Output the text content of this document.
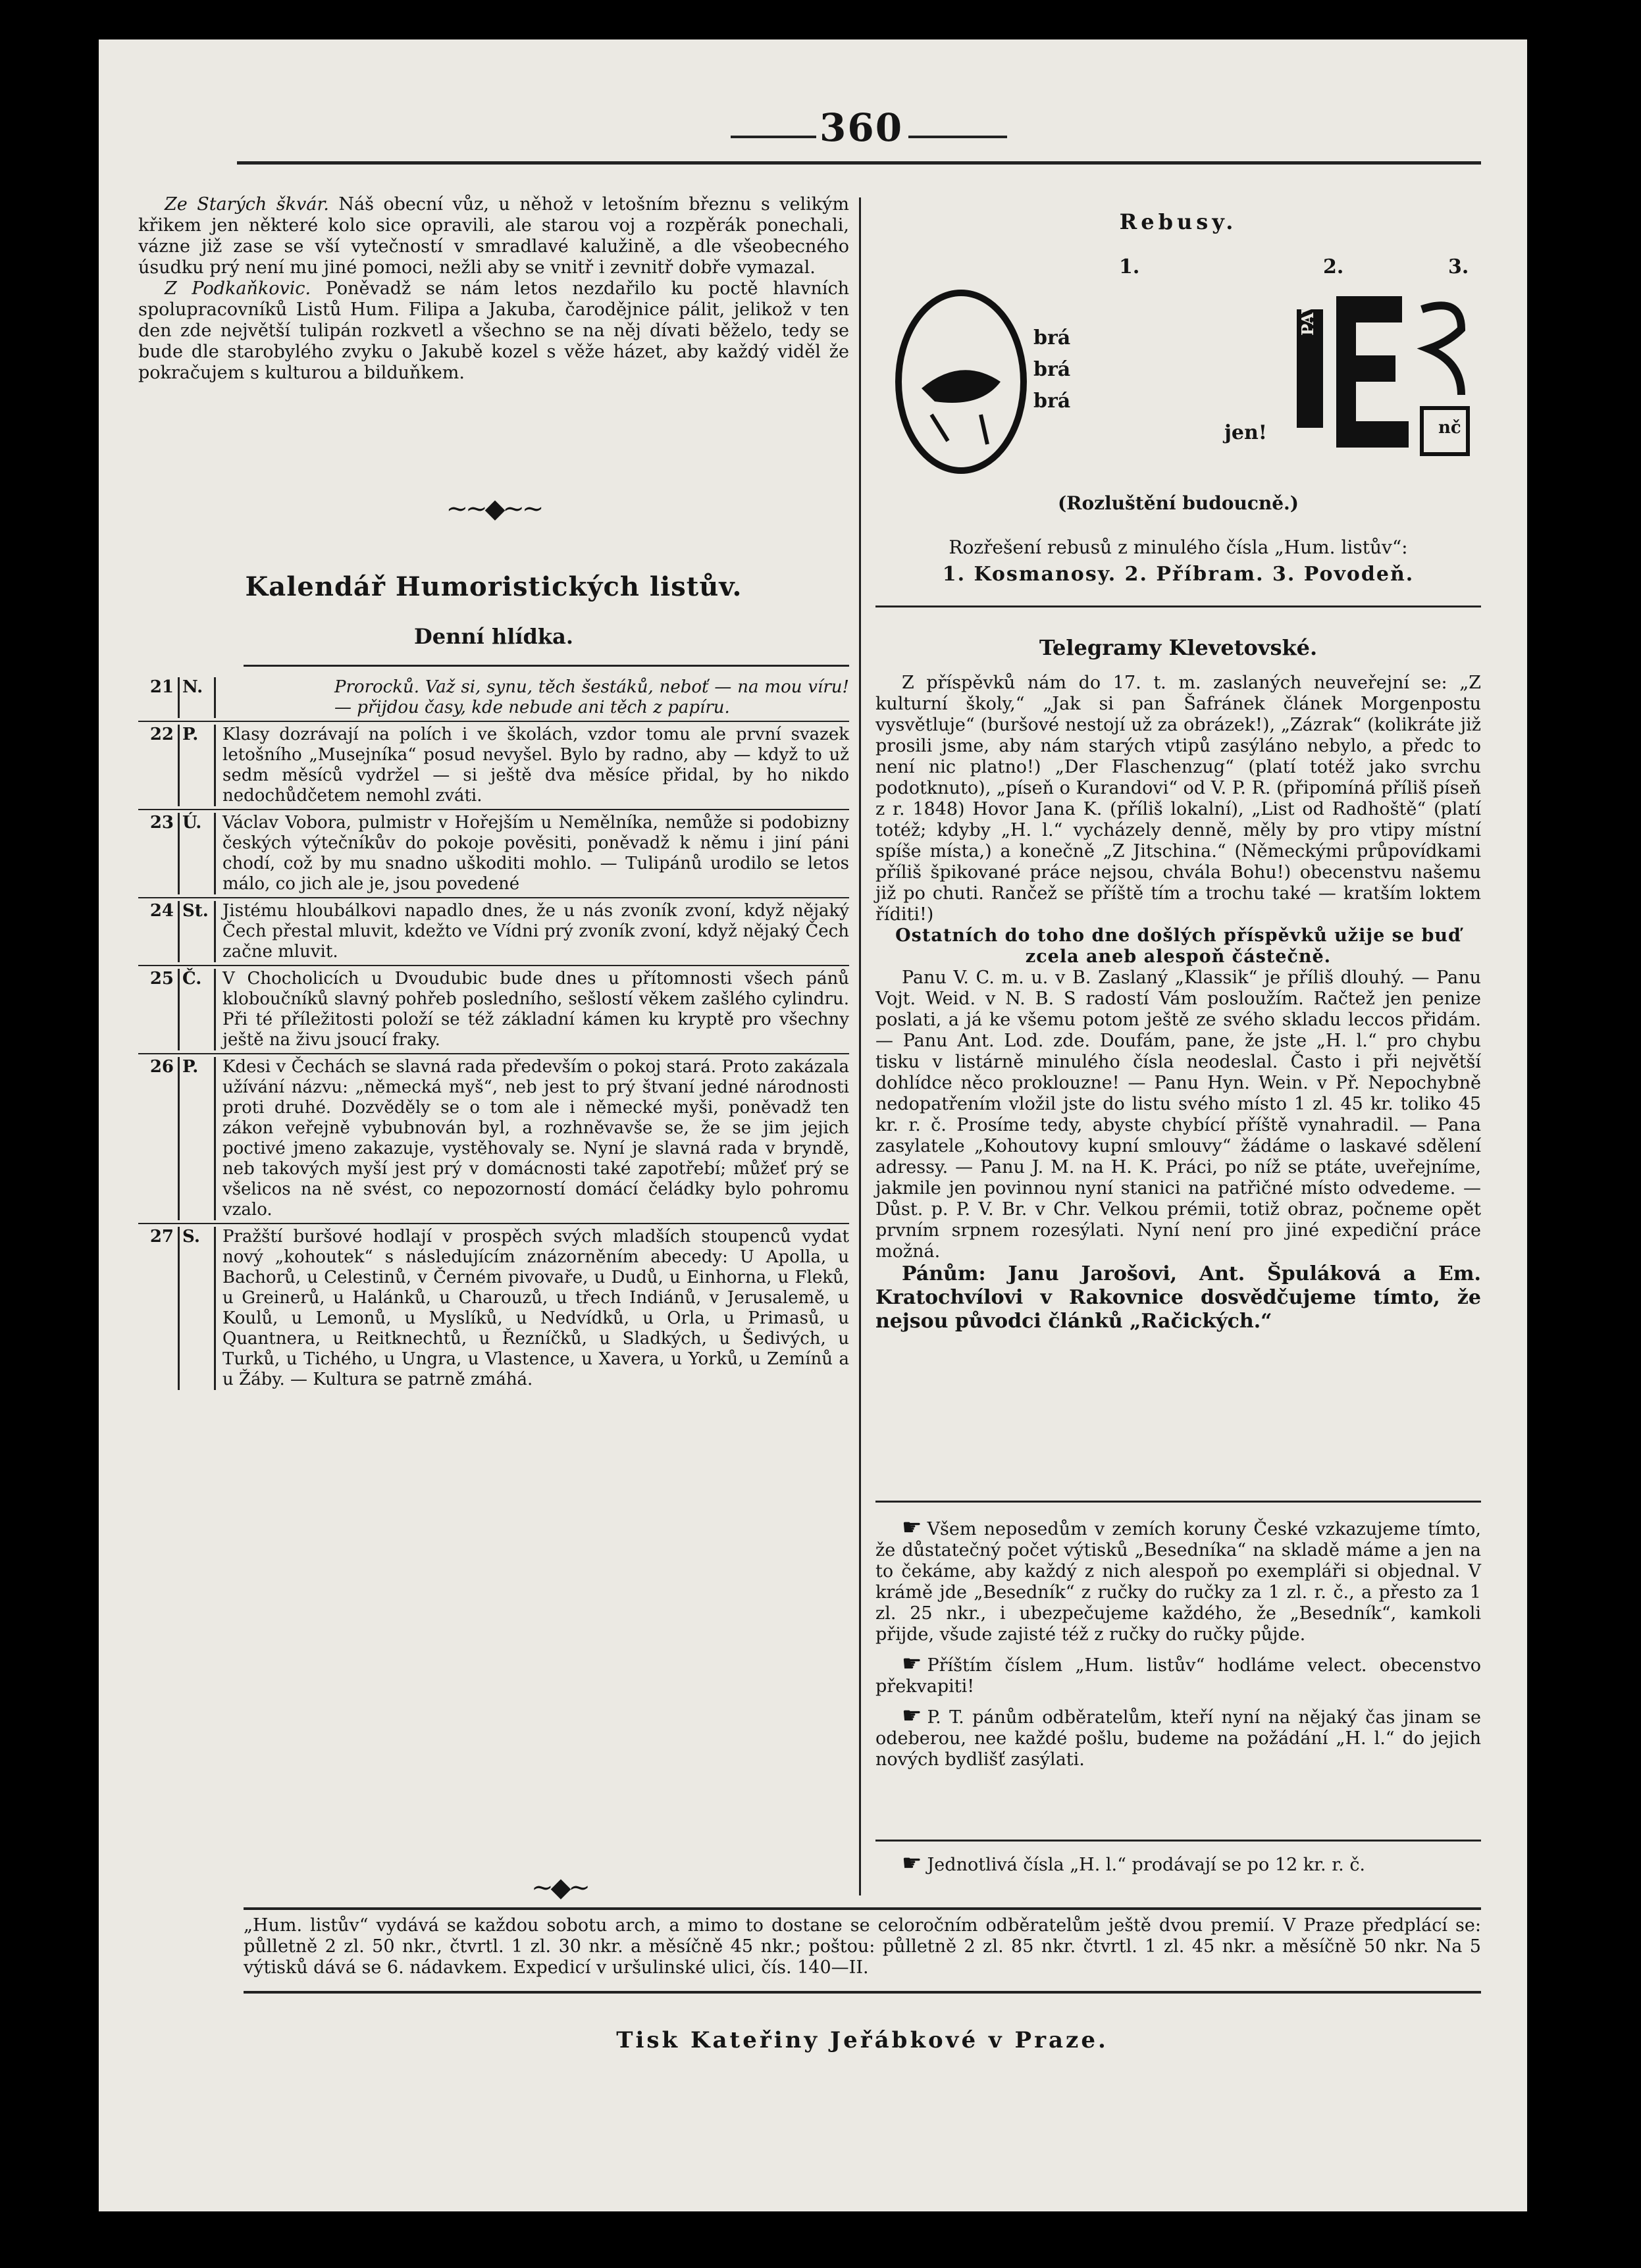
360

Ze Starých škvár. Náš obecní vůz, u něhož v letošním březnu s velikým křikem jen některé kolo sice opravili, ale starou voj a rozpěrák ponechali, vázne již zase se vší vytečností v smradlavé kalužině, a dle všeobecného úsudku prý není mu jiné pomoci, nežli aby se vnitř i zevnitř dobře vymazal.

Z Podkaňkovic. Poněvadž se nám letos nezdařilo ku poctě hlavních spolupracovníků Listů Hum. Filipa a Jakuba, čarodějnice pálit, jelikož v ten den zde největší tulipán rozkvetl a všechno se na něj dívati běželo, tedy se bude dle starobylého zvyku o Jakubě kozel s věže házet, aby každý viděl že pokračujem s kulturou a bilduňkem.

~~◆~~
Kalendář Humoristických listův.
Denní hlídka.
21 N.	Prorocků. Važ si, synu, těch šestáků, neboť — na mou víru! — přijdou časy, kde nebude ani těch z papíru.
22 P.	Klasy dozrávají na polích i ve školách, vzdor tomu ale první svazek letošního „Musejníka“ posud nevyšel. Bylo by radno, aby — když to už sedm měsíců vydržel — si ještě dva měsíce přidal, by ho nikdo nedochůdčetem nemohl zváti.
23 Ú.	Václav Vobora, pulmistr v Hořejším u Nemělníka, nemůže si podobizny českých výtečníkův do pokoje pověsiti, poněvadž k němu i jiní páni chodí, což by mu snadno uškoditi mohlo. — Tulipánů urodilo se letos málo, co jich ale je, jsou povedené
24 St. Jistému hloubálkovi napadlo dnes, že u nás zvoník zvoní, když nějaký Čech přestal mluvit, kdežto ve Vídni prý zvoník zvoní, když nějaký Čech začne mluvit.
25 Č.	V Chocholicích u Dvoudubic bude dnes u přítomnosti všech pánů kloboučníků slavný pohřeb posledního, sešlostí věkem zašlého cylindru. Při té příležitosti položí se též základní kámen ku kryptě pro všechny ještě na živu jsoucí fraky.
26 P.	Kdesi v Čechách se slavná rada především o pokoj stará. Proto zakázala užívání názvu: „německá myš“, neb jest to prý štvaní jedné národnosti proti druhé. Dozvěděly se o tom ale i německé myši, poněvadž ten zákon veřejně vybubnován byl, a rozhněvavše se, že se jim jejich poctivé jmeno zakazuje, vystěhovaly se. Nyní je slavná rada v bryndě, neb takových myší jest prý v domácnosti také zapotřebí; můžeť prý se všelicos na ně svést, co nepozorností domácí čeládky bylo pohromu vzalo.
27 S.	Pražští buršové hodlají v prospěch svých mladších stoupenců vydat nový „kohoutek“ s následujícím znázorněním abecedy: U Apolla, u Bachorů, u Celestinů, v Černém pivovaře, u Dudů, u Einhorna, u Fleků, u Greinerů, u Halánků, u Charouzů, u třech Indiánů, v Jerusalemě, u Koulů, u Lemonů, u Myslíků, u Nedvídků, u Orla, u Primasů, u Quantnera, u Reitknechtů, u Řezníčků, u Sladkých, u Šedivých, u Turků, u Tichého, u Ungra, u Vlastence, u Xavera, u Yorků, u Zemínů a u Žáby. — Kultura se patrně zmáhá.
Rebusy.
1.	2.	3.
brá
brá
brá
jen!
PAVEL
nč
(Rozluštění budoucně.)
Rozřešení rebusů z minulého čísla „Hum. listův“:
1. Kosmanosy. 2. Příbram. 3. Povodeň.
Telegramy Klevetovské.

Z příspěvků nám do 17. t. m. zaslaných neuveřejní se: „Z kulturní školy,“ „Jak si pan Šafránek článek Morgenpostu vysvětluje“ (buršové nestojí už za obrázek!), „Zázrak“ (kolikráte již prosili jsme, aby nám starých vtipů zasýláno nebylo, a předc to není nic platno!) „Der Flaschenzug“ (platí totéž jako svrchu podotknuto), „píseň o Kurandovi“ od V. P. R. (připomíná příliš píseň z r. 1848) Hovor Jana K. (příliš lokalní), „List od Radhoště“ (platí totéž; kdyby „H. l.“ vycházely denně, měly by pro vtipy místní spíše místa,) a konečně „Z Jitschina.“ (Německými průpovídkami příliš špikované práce nejsou, chvála Bohu!) obecenstvu našemu již po chuti. Rančež se příště tím a trochu také — kratším loktem říditi!)

Ostatních do toho dne došlých příspěvků užije se buď zcela aneb alespoň částečně.

Panu V. C. m. u. v B. Zaslaný „Klassik“ je příliš dlouhý. — Panu Vojt. Weid. v N. B. S radostí Vám posloužím. Račtež jen penize poslati, a já ke všemu potom ještě ze svého skladu leccos přidám. — Panu Ant. Lod. zde. Doufám, pane, že jste „H. l.“ pro chybu tisku v listárně minulého čísla neodeslal. Často i při největší dohlídce něco proklouzne! — Panu Hyn. Wein. v Př. Nepochybně nedopatřením vložil jste do listu svého místo 1 zl. 45 kr. toliko 45 kr. r. č. Prosíme tedy, abyste chybící příště vynahradil. — Pana zasylatele „Kohoutovy kupní smlouvy“ žádáme o laskavé sdělení adressy. — Panu J. M. na H. K. Práci, po níž se ptáte, uveřejníme, jakmile jen povinnou nyní stanici na patřičné místo odvedeme. — Důst. p. P. V. Br. v Chr. Velkou prémii, totiž obraz, počneme opět prvním srpnem rozesýlati. Nyní není pro jiné expediční práce možná.

Pánům: Janu Jarošovi, Ant. Špuláková a Em. Kratochvílovi v Rakovnice dosvědčujeme tímto, že nejsou původci článků „Račických.“

☛ Všem neposedům v zemích koruny České vzkazujeme tímto, že důstatečný počet výtisků „Besedníka“ na skladě máme a jen na to čekáme, aby každý z nich alespoň po exempláři si objednal. V krámě jde „Besedník“ z ručky do ručky za 1 zl. r. č., a přesto za 1 zl. 25 nkr., i ubezpečujeme každého, že „Besedník“, kamkoli přijde, všude zajisté též z ručky do ručky půjde.

☛ Příštím číslem „Hum. listův“ hodláme velect. obecenstvo překvapiti!

☛ P. T. pánům odběratelům, kteří nyní na nějaký čas jinam se odeberou, nee každé pošlu, budeme na požádání „H. l.“ do jejich nových bydlišť zasýlati.

☛ Jednotlivá čísla „H. l.“ prodávají se po 12 kr. r. č.

~◆~
„Hum. listův“ vydává se každou sobotu arch, a mimo to dostane se celoročním odběratelům ještě dvou premií. V Praze předplácí se: půlletně 2 zl. 50 nkr., čtvrtl. 1 zl. 30 nkr. a měsíčně 45 nkr.; poštou: půlletně 2 zl. 85 nkr. čtvrtl. 1 zl. 45 nkr. a měsíčně 50 nkr. Na 5 výtisků dává se 6. nádavkem. Expedicí v uršulinské ulici, čís. 140—II.
Tisk Kateřiny Jeřábkové v Praze.
